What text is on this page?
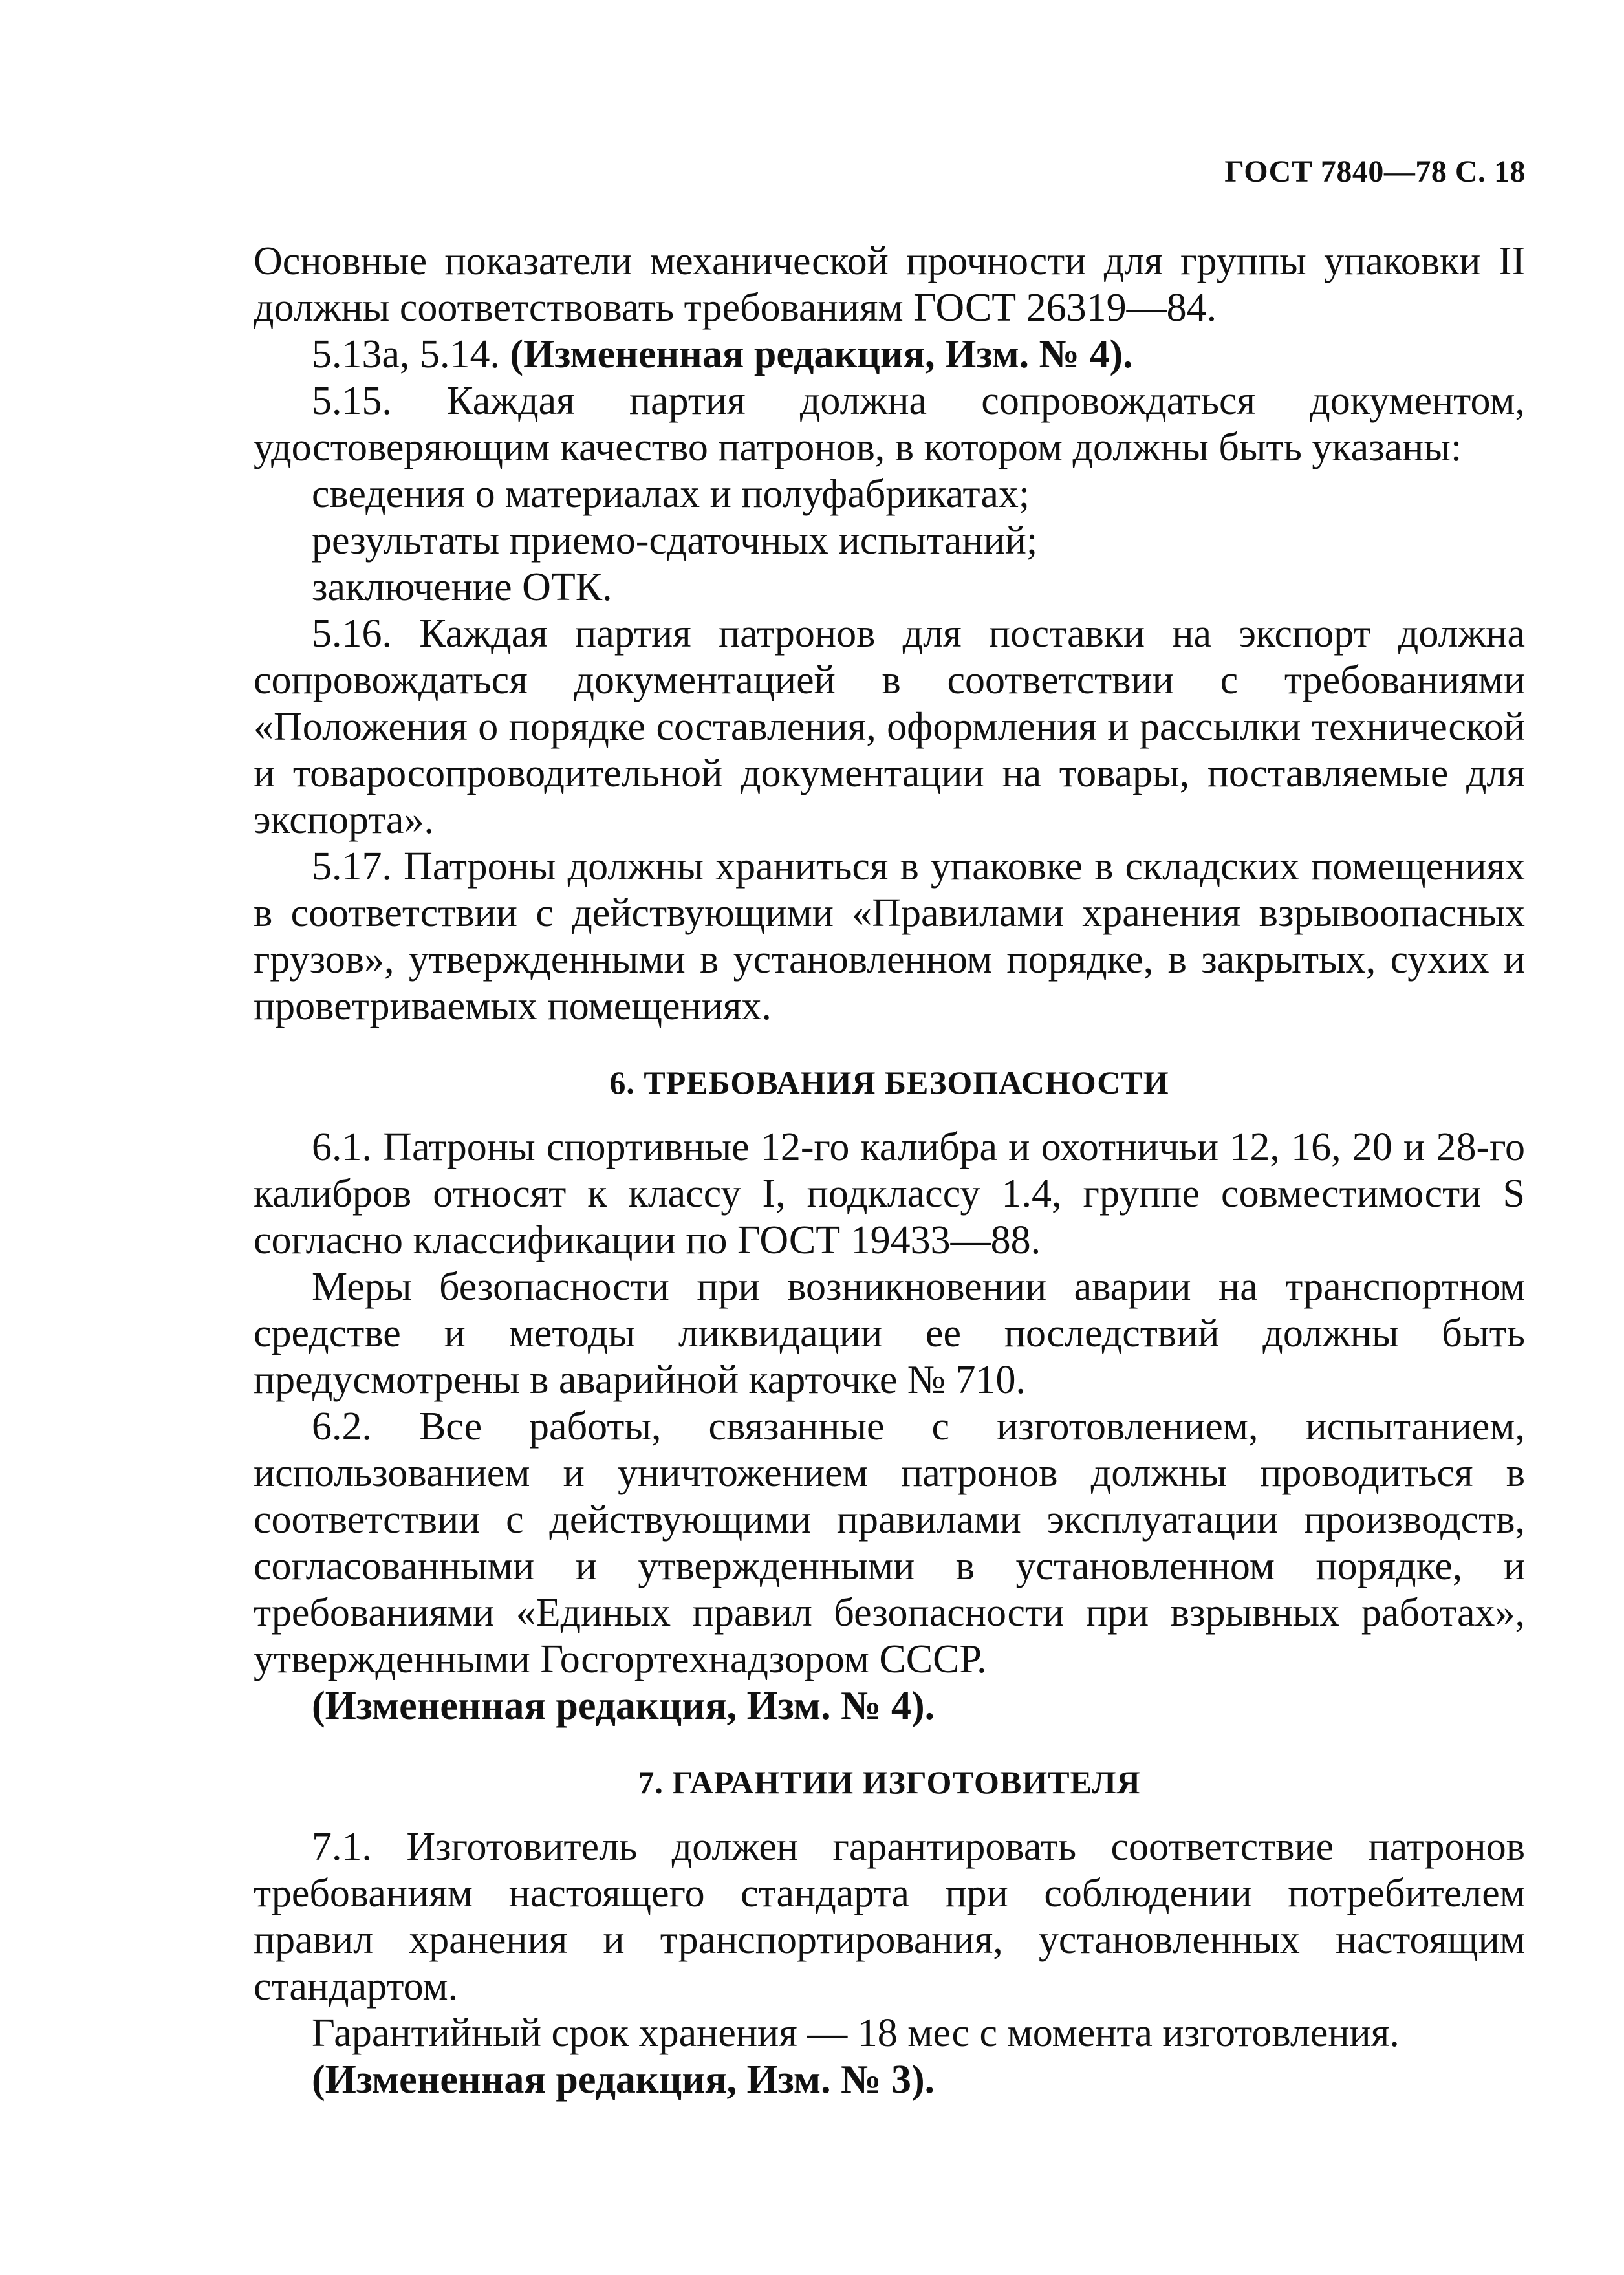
ГОСТ 7840—78 С. 18

Основные показатели механической прочности для группы упаковки II должны соответствовать требованиям ГОСТ 26319—84.

5.13а, 5.14. (Измененная редакция, Изм. № 4).

5.15. Каждая партия должна сопровождаться документом, удостоверяющим качество патронов, в котором должны быть указаны:

сведения о материалах и полуфабрикатах;

результаты приемо-сдаточных испытаний;

заключение ОТК.

5.16. Каждая партия патронов для поставки на экспорт должна сопровождаться документацией в соответствии с требованиями «Положения о порядке составления, оформления и рассылки технической и товаросопроводительной документации на товары, поставляемые для экспорта».

5.17. Патроны должны храниться в упаковке в складских помещениях в соответствии с действующими «Правилами хранения взрывоопасных грузов», утвержденными в установленном порядке, в закрытых, сухих и проветриваемых помещениях.

6. ТРЕБОВАНИЯ БЕЗОПАСНОСТИ

6.1. Патроны спортивные 12-го калибра и охотничьи 12, 16, 20 и 28-го калибров относят к классу I, подклассу 1.4, группе совместимости S согласно классификации по ГОСТ 19433—88.

Меры безопасности при возникновении аварии на транспортном средстве и методы ликвидации ее последствий должны быть предусмотрены в аварийной карточке № 710.

6.2. Все работы, связанные с изготовлением, испытанием, использованием и уничтожением патронов должны проводиться в соответствии с действующими правилами эксплуатации производств, согласованными и утвержденными в установленном порядке, и требованиями «Единых правил безопасности при взрывных работах», утвержденными Госгортехнадзором СССР.

(Измененная редакция, Изм. № 4).

7. ГАРАНТИИ ИЗГОТОВИТЕЛЯ

7.1. Изготовитель должен гарантировать соответствие патронов требованиям настоящего стандарта при соблюдении потребителем правил хранения и транспортирования, установленных настоящим стандартом.

Гарантийный срок хранения — 18 мес с момента изготовления.

(Измененная редакция, Изм. № 3).
